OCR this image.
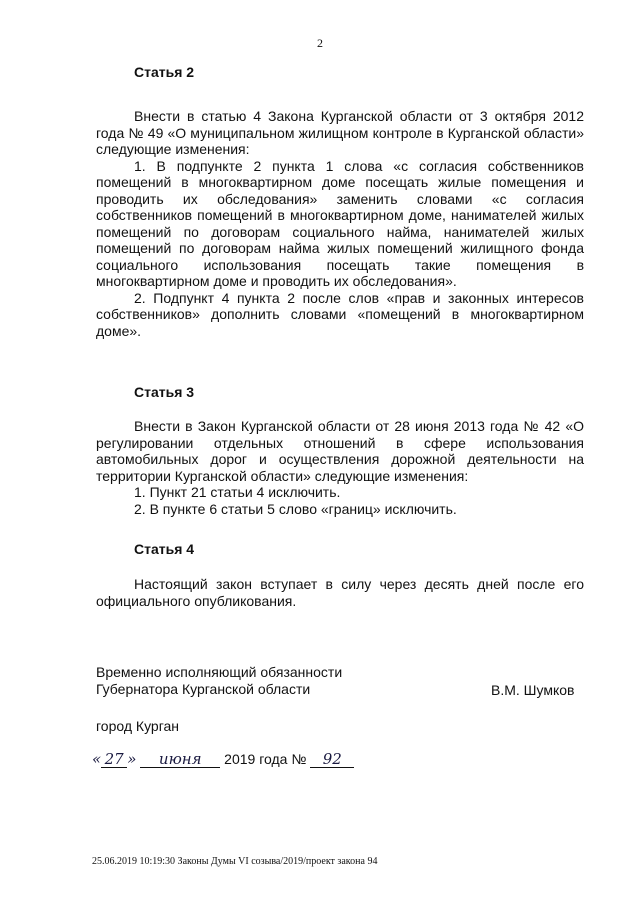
2
Статья 2

Внести в статью 4 Закона Курганской области от 3 октября 2012 года № 49 «О муниципальном жилищном контроле в Курганской области» следующие изменения:

1. В подпункте 2 пункта 1 слова «с согласия собственников помещений в многоквартирном доме посещать жилые помещения и проводить их обследования» заменить словами «с согласия собственников помещений в многоквартирном доме, нанимателей жилых помещений по договорам социального найма, нанимателей жилых помещений по договорам найма жилых помещений жилищного фонда социального использования посещать такие помещения в многоквартирном доме и проводить их обследования».

2. Подпункт 4 пункта 2 после слов «прав и законных интересов собственников» дополнить словами «помещений в многоквартирном доме».

Статья 3

Внести в Закон Курганской области от 28 июня 2013 года № 42 «О регулировании отдельных отношений в сфере использования автомобильных дорог и осуществления дорожной деятельности на территории Курганской области» следующие изменения:

1. Пункт 21 статьи 4 исключить.

2. В пункте 6 статьи 5 слово «границ» исключить.

Статья 4

Настоящий закон вступает в силу через десять дней после его официального опубликования.

Временно исполняющий обязанности
Губернатора Курганской области	В.М. Шумков
город Курган
« 27 » июня 2019 года № 92
25.06.2019 10:19:30 Законы Думы VI созыва/2019/проект закона 94
